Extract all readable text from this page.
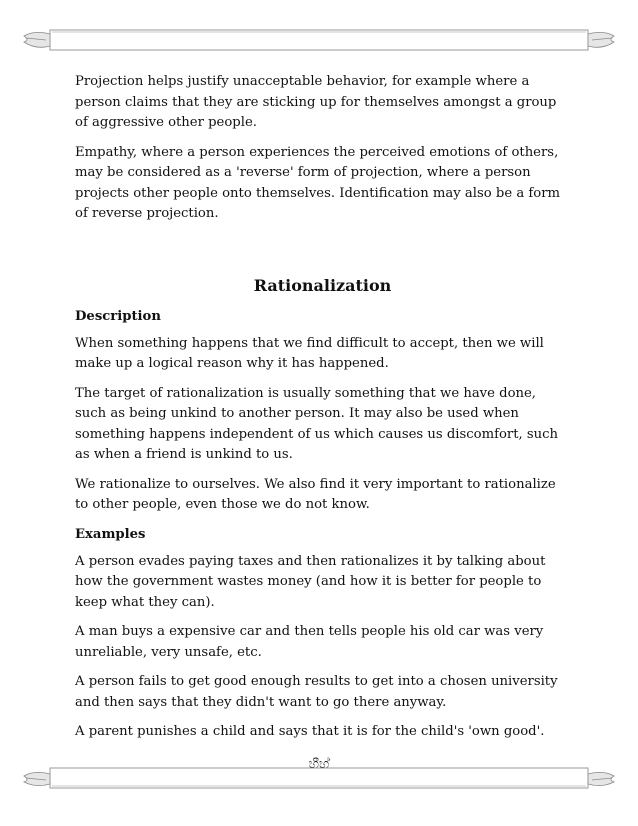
Projection helps justify unacceptable behavior, for example where a person claims that they are sticking up for themselves amongst a group of aggressive other people.

Empathy, where a person experiences the perceived emotions of others, may be considered as a 'reverse' form of projection, where a person projects other people onto themselves. Identification may also be a form of reverse projection.

Rationalization
Description

When something happens that we find difficult to accept, then we will make up a logical reason why it has happened.

The target of rationalization is usually something that we have done, such as being unkind to another person. It may also be used when something happens independent of us which causes us discomfort, such as when a friend is unkind to us.

We rationalize to ourselves. We also find it very important to rationalize to other people, even those we do not know.

Examples

A person evades paying taxes and then rationalizes it by talking about how the government wastes money (and how it is better for people to keep what they can).

A man buys a expensive car and then tells people his old car was very unreliable, very unsafe, etc.

A person fails to get good enough results to get into a chosen university and then says that they didn't want to go there anyway.

A parent punishes a child and says that it is for the child's 'own good'.

හීහ්
